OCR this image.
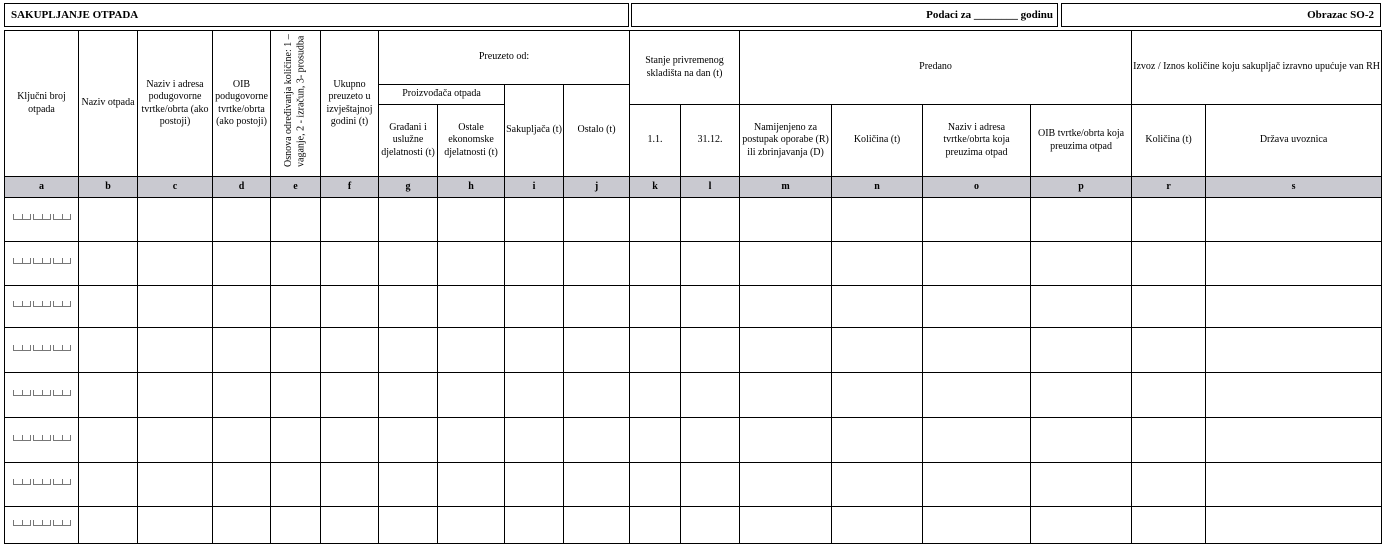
SAKUPLJANJE OTPADA	Podaci za ________ godinu	Obrazac SO-2
Ključni broj otpada	Naziv otpada	Naziv i adresa podugovorne tvrtke/obrta (ako postoji)	OIB podugovorne tvrtke/obrta (ako postoji)	Osnova određivanja količine: 1 – vaganje, 2 - izračun, 3- prosudba	Ukupno preuzeto u izvještajnoj godini (t)	Preuzeto od:				Stanje privremenog skladišta na dan (t)		Predano				Izvoz / Iznos količine koju sakupljač izravno upućuje van RH	

						Proizvođača otpada		Sakupljača (t)	Ostalo (t)								
						Građani i uslužne djelatnosti (t)	Ostale ekonomske djelatnosti (t)			1.1.	31.12.	Namijenjeno za postupak oporabe (R) ili zbrinjavanja (D)	Količina (t)	Naziv i adresa tvrtke/obrta koja preuzima otpad	OIB tvrtke/obrta koja preuzima otpad	Količina (t)	Država uvoznica
a	b	c	d	e	f	g	h	i	j	k	l	m	n	o	p	r	s
